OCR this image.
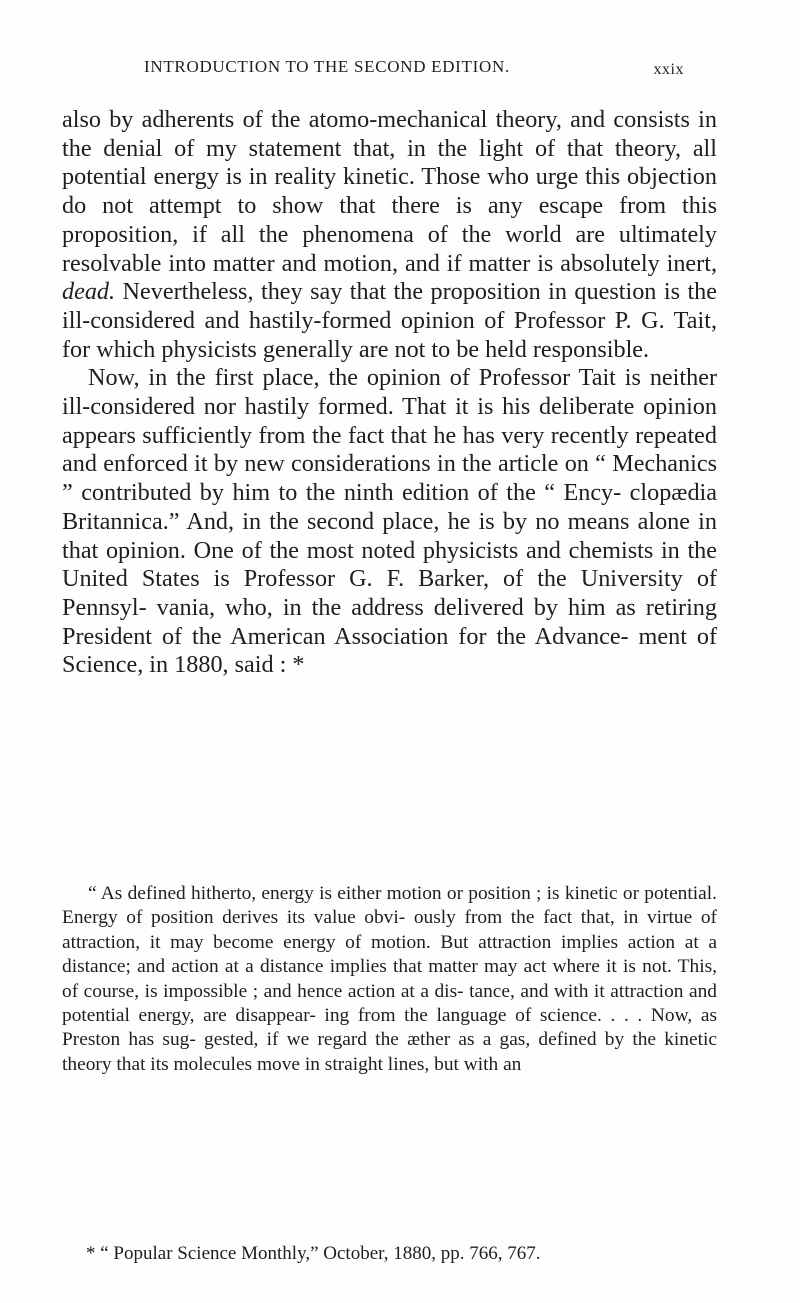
INTRODUCTION TO THE SECOND EDITION.	xxix

also by adherents of the atomo-mechanical theory, and consists in the denial of my statement that, in the light of that theory, all potential energy is in reality kinetic. Those who urge this objection do not attempt to show that there is any escape from this proposition, if all the phenomena of the world are ultimately resolvable into matter and motion, and if matter is absolutely inert, dead. Nevertheless, they say that the proposition in question is the ill-considered and hastily-formed opinion of Professor P. G. Tait, for which physicists generally are not to be held responsible.

Now, in the first place, the opinion of Professor Tait is neither ill-considered nor hastily formed. That it is his deliberate opinion appears sufficiently from the fact that he has very recently repeated and enforced it by new considerations in the article on “ Mechanics ” contributed by him to the ninth edition of the “ Ency- clopædia Britannica.” And, in the second place, he is by no means alone in that opinion. One of the most noted physicists and chemists in the United States is Professor G. F. Barker, of the University of Pennsyl- vania, who, in the address delivered by him as retiring President of the American Association for the Advance- ment of Science, in 1880, said : *

“ As defined hitherto, energy is either motion or position ; is kinetic or potential. Energy of position derives its value obvi- ously from the fact that, in virtue of attraction, it may become energy of motion. But attraction implies action at a distance; and action at a distance implies that matter may act where it is not. This, of course, is impossible ; and hence action at a dis- tance, and with it attraction and potential energy, are disappear- ing from the language of science. . . . Now, as Preston has sug- gested, if we regard the æther as a gas, defined by the kinetic theory that its molecules move in straight lines, but with an

* “ Popular Science Monthly,” October, 1880, pp. 766, 767.
